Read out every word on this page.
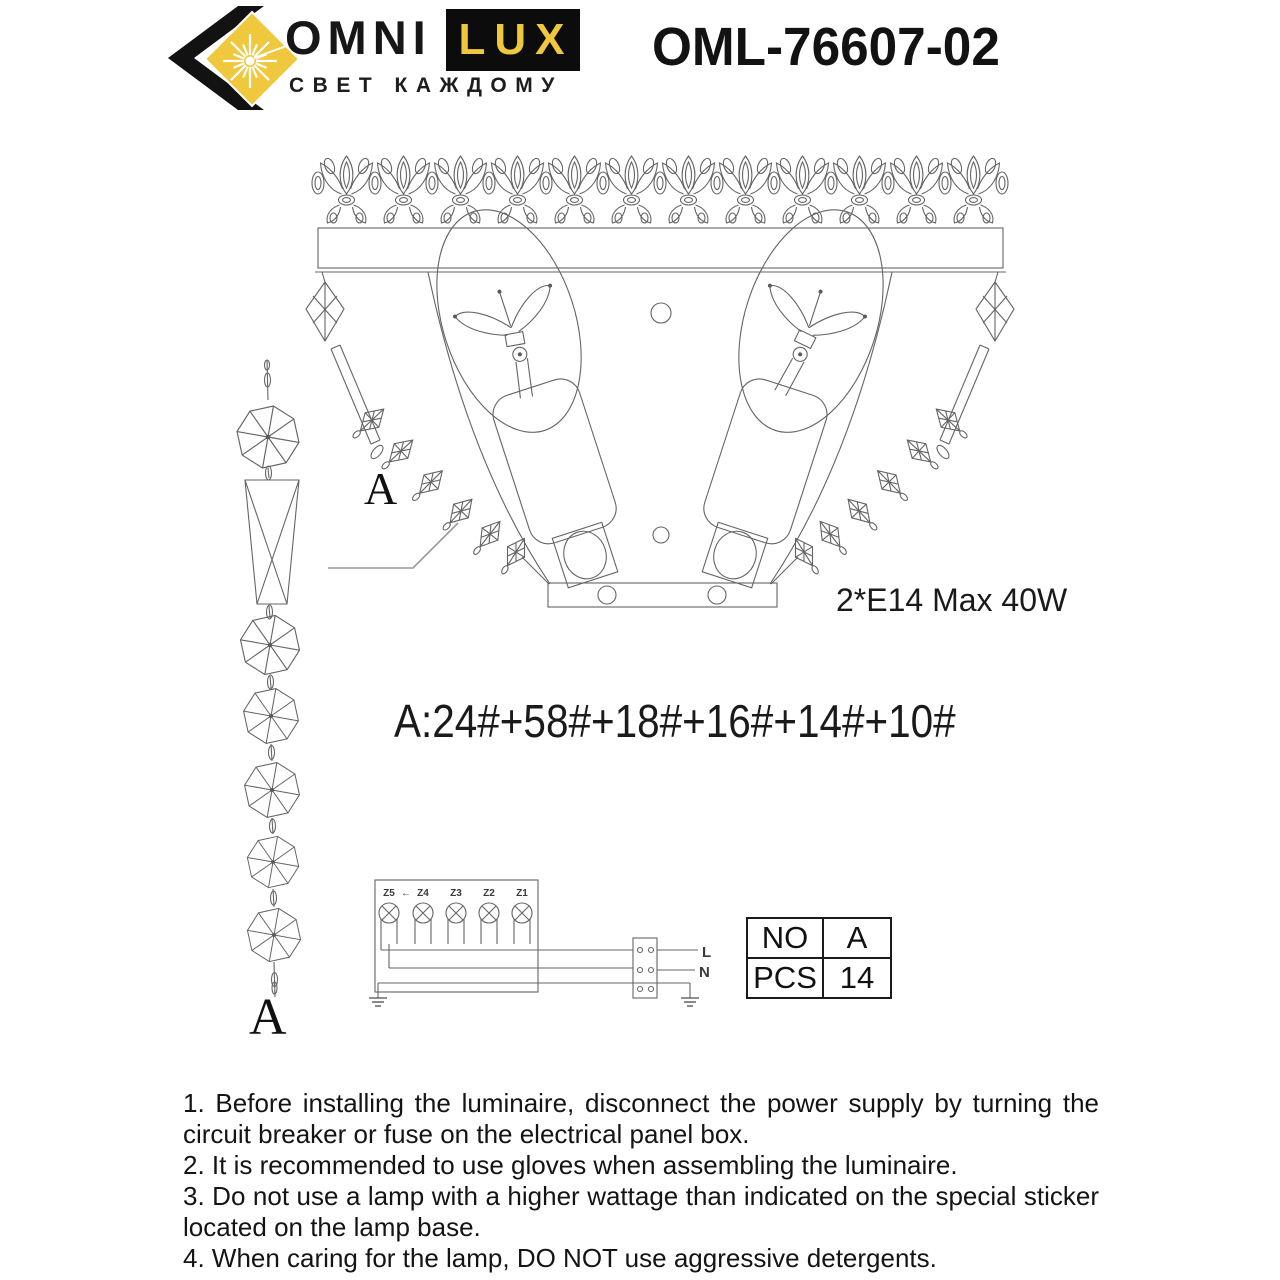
Z5 Z4 Z3 Z2 Z1
←
L
N
OMNI LUX
СВЕТ КАЖДОМУ
OML-76607-02
A
A
2*E14 Max 40W
A:24#+58#+18#+16#+14#+10#
NO	A
PCS	14

1. Before installing the luminaire, disconnect the power supply by turning the circuit breaker or fuse on the electrical panel box.

2. It is recommended to use gloves when assembling the luminaire.

3. Do not use a lamp with a higher wattage than indicated on the special sticker located on the lamp base.

4. When caring for the lamp, DO NOT use aggressive detergents.
